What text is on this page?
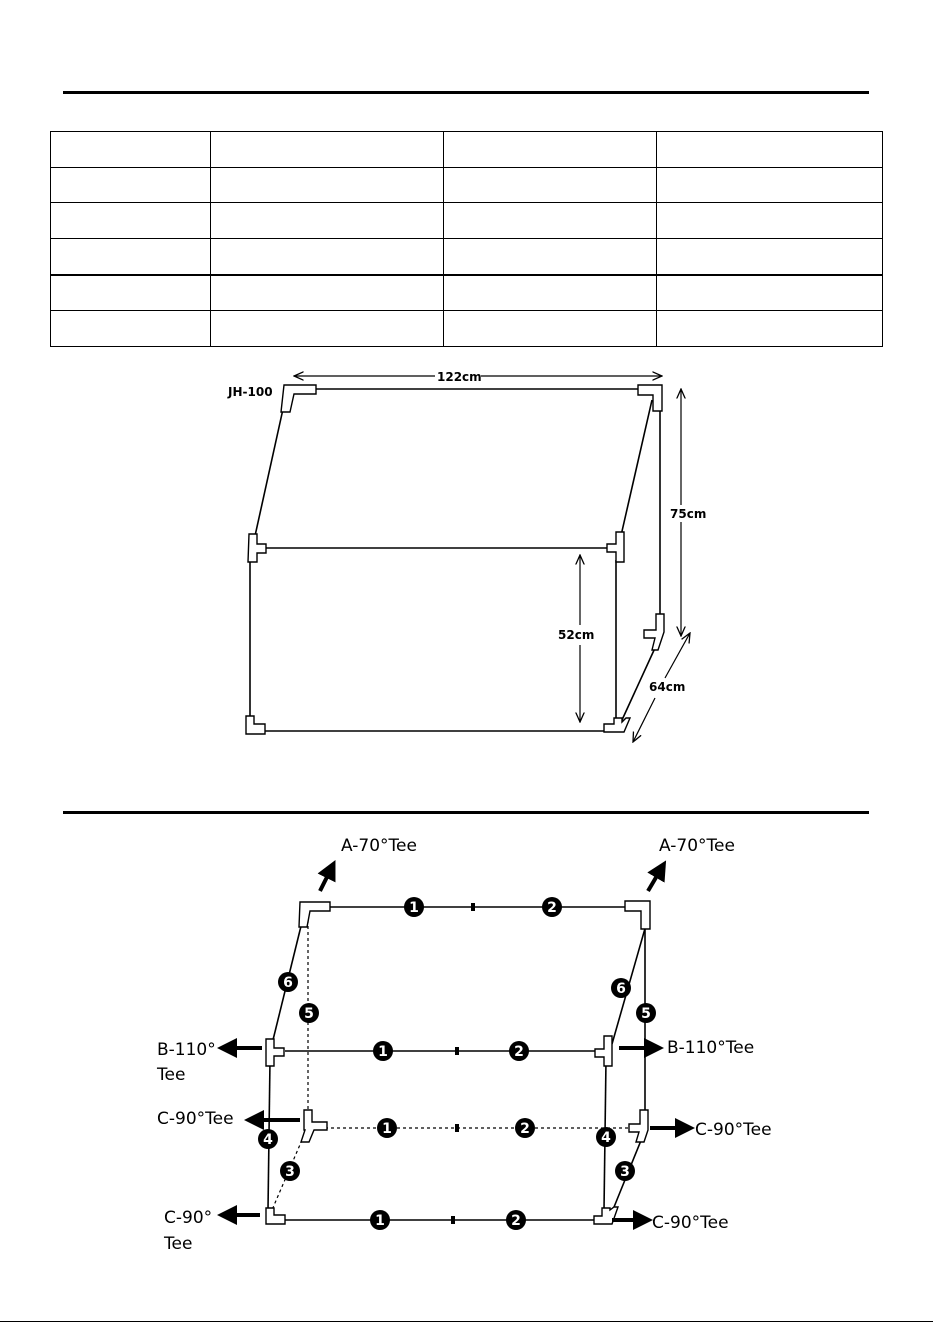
JH-100
122cm
75cm
52cm
64cm
1	2
1	2
1	2
1	2
6	6
5	5
4	4
3	3
A-70°Tee	A-70°Tee
B-110°
Tee
B-110°Tee
C-90°Tee
C-90°Tee
C-90°
Tee
C-90°Tee
